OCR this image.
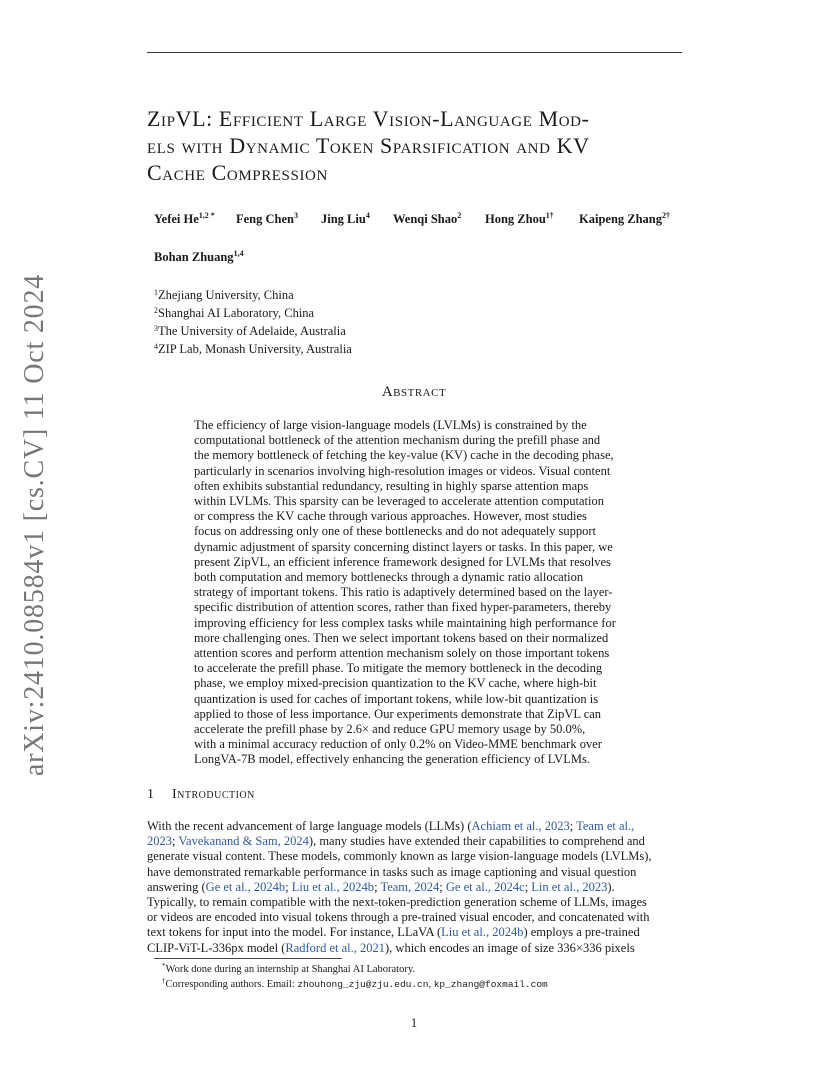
arXiv:2410.08584v1 [cs.CV] 11 Oct 2024
ZipVL: Efficient Large Vision-Language Mod-
els with Dynamic Token Sparsification and KV
Cache Compression
Yefei $He^{1,2 *}$ Feng Chen$^3$ Jing Liu$^4$ Wenqi Shao$^2$ Hong Zhou$^{1\dagger}$ Kaipeng Zhang$^{2\dagger}$
Bohan Zhuang$^{1,4}$
$^1$Zhejiang University, China
$^2$Shanghai AI Laboratory, China
$^3$The University of Adelaide, Australia
$^4$ZIP Lab, Monash University, Australia
Abstract
The efficiency of large vision-language models (LVLMs) is constrained by the
computational bottleneck of the attention mechanism during the prefill phase and
the memory bottleneck of fetching the key-value (KV) cache in the decoding phase,
particularly in scenarios involving high-resolution images or videos. Visual content
often exhibits substantial redundancy, resulting in highly sparse attention maps
within LVLMs. This sparsity can be leveraged to accelerate attention computation
or compress the KV cache through various approaches. However, most studies
focus on addressing only one of these bottlenecks and do not adequately support
dynamic adjustment of sparsity concerning distinct layers or tasks. In this paper, we
present ZipVL, an efficient inference framework designed for LVLMs that resolves
both computation and memory bottlenecks through a dynamic ratio allocation
strategy of important tokens. This ratio is adaptively determined based on the layer-
specific distribution of attention scores, rather than fixed hyper-parameters, thereby
improving efficiency for less complex tasks while maintaining high performance for
more challenging ones. Then we select important tokens based on their normalized
attention scores and perform attention mechanism solely on those important tokens
to accelerate the prefill phase. To mitigate the memory bottleneck in the decoding
phase, we employ mixed-precision quantization to the KV cache, where high-bit
quantization is used for caches of important tokens, while low-bit quantization is
applied to those of less importance. Our experiments demonstrate that ZipVL can
accelerate the prefill phase by 2.6× and reduce GPU memory usage by 50.0%,
with a minimal accuracy reduction of only 0.2% on Video-MME benchmark over
LongVA-7B model, effectively enhancing the generation efficiency of LVLMs.
1 Introduction
With the recent advancement of large language models (LLMs) (Achiam et al., 2023; Team et al.,
2023; Vavekanand & Sam, 2024), many studies have extended their capabilities to comprehend and
generate visual content. These models, commonly known as large vision-language models (LVLMs),
have demonstrated remarkable performance in tasks such as image captioning and visual question
answering (Ge et al., 2024b; Liu et al., 2024b; Team, 2024; Ge et al., 2024c; Lin et al., 2023).
Typically, to remain compatible with the next-token-prediction generation scheme of LLMs, images
or videos are encoded into visual tokens through a pre-trained visual encoder, and concatenated with
text tokens for input into the model. For instance, LLaVA (Liu et al., 2024b) employs a pre-trained
CLIP-ViT-L-336px model (Radford et al., 2021), which encodes an image of size 336×336 pixels
*Work done during an internship at Shanghai AI Laboratory.
†Corresponding authors. Email: zhouhong_zju@zju.edu.cn, kp_zhang@foxmail.com
1
